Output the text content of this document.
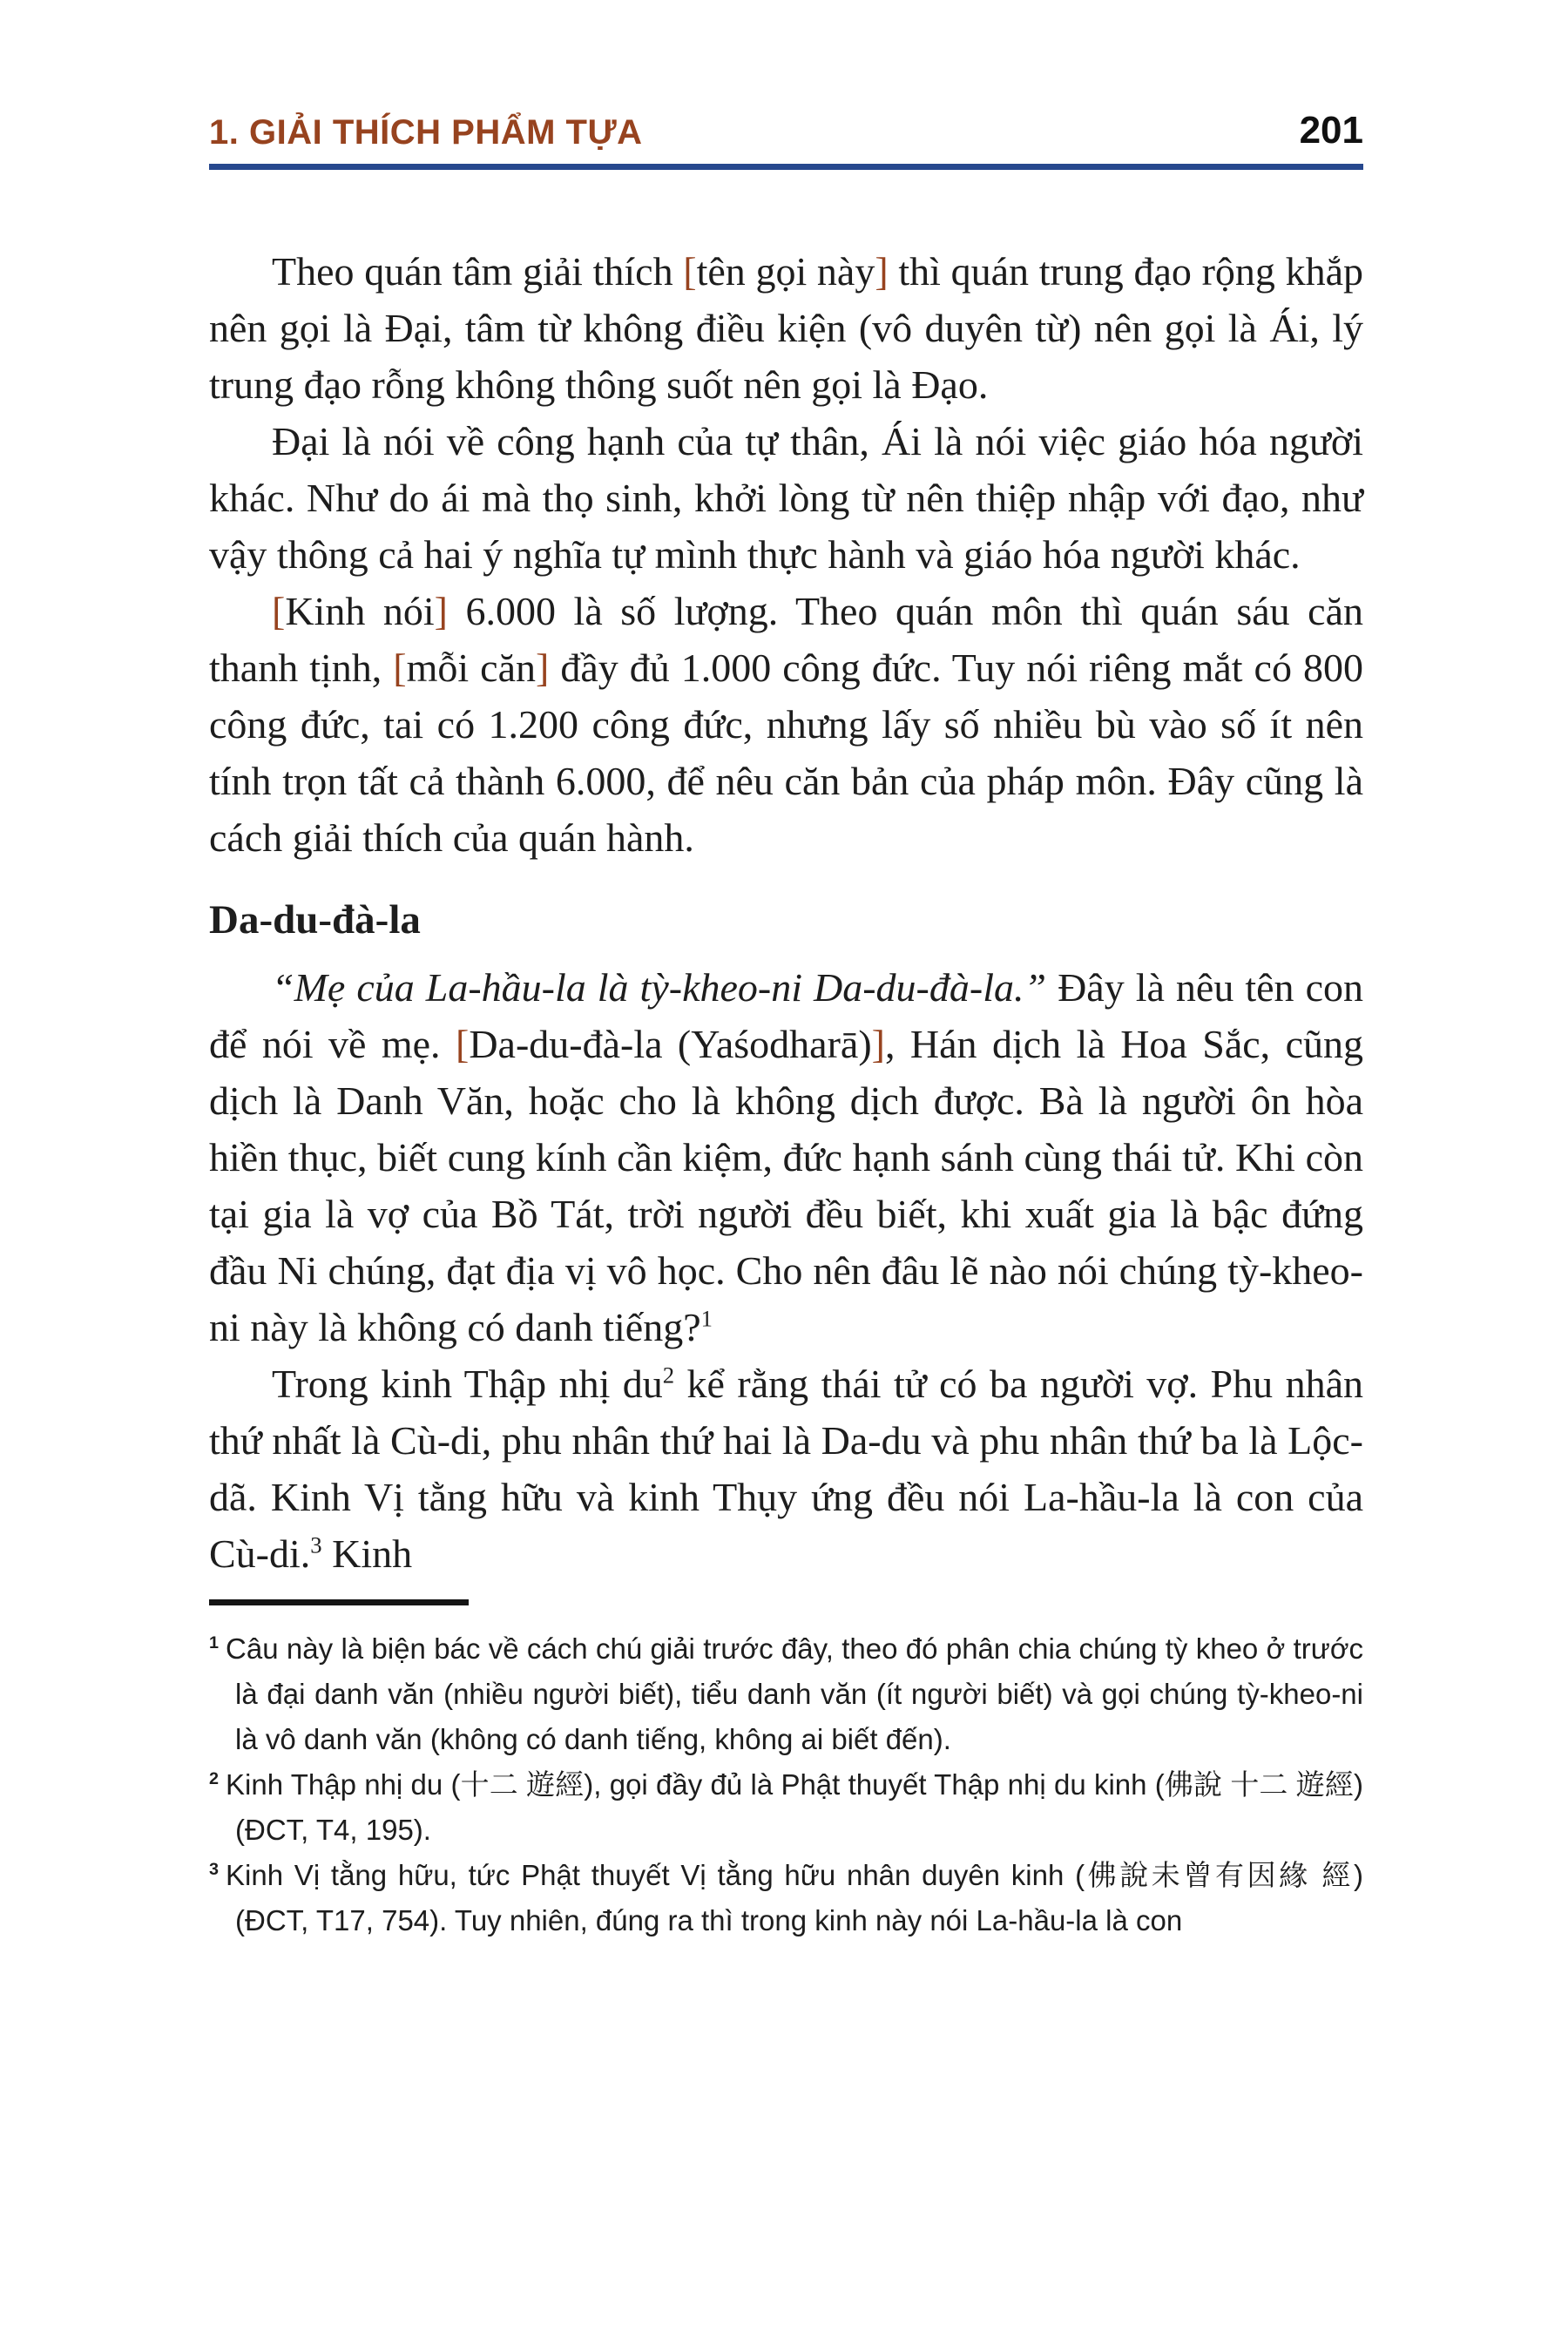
1. GIẢI THÍCH PHẨM TỰA	201

Theo quán tâm giải thích [tên gọi này] thì quán trung đạo rộng khắp nên gọi là Đại, tâm từ không điều kiện (vô duyên từ) nên gọi là Ái, lý trung đạo rỗng không thông suốt nên gọi là Đạo.

Đại là nói về công hạnh của tự thân, Ái là nói việc giáo hóa người khác. Như do ái mà thọ sinh, khởi lòng từ nên thiệp nhập với đạo, như vậy thông cả hai ý nghĩa tự mình thực hành và giáo hóa người khác.

[Kinh nói] 6.000 là số lượng. Theo quán môn thì quán sáu căn thanh tịnh, [mỗi căn] đầy đủ 1.000 công đức. Tuy nói riêng mắt có 800 công đức, tai có 1.200 công đức, nhưng lấy số nhiều bù vào số ít nên tính trọn tất cả thành 6.000, để nêu căn bản của pháp môn. Đây cũng là cách giải thích của quán hành.

Da-du-đà-la

“Mẹ của La-hầu-la là tỳ-kheo-ni Da-du-đà-la.” Đây là nêu tên con để nói về mẹ. [Da-du-đà-la (Yaśodharā)], Hán dịch là Hoa Sắc, cũng dịch là Danh Văn, hoặc cho là không dịch được. Bà là người ôn hòa hiền thục, biết cung kính cần kiệm, đức hạnh sánh cùng thái tử. Khi còn tại gia là vợ của Bồ Tát, trời người đều biết, khi xuất gia là bậc đứng đầu Ni chúng, đạt địa vị vô học. Cho nên đâu lẽ nào nói chúng tỳ-kheo-ni này là không có danh tiếng?$^1$

Trong kinh Thập nhị $du^2$ kể rằng thái tử có ba người vợ. Phu nhân thứ nhất là Cù-di, phu nhân thứ hai là Da-du và phu nhân thứ ba là Lộc-dã. Kinh Vị tằng hữu và kinh Thụy ứng đều nói La-hầu-la là con của Cù-di.$^3$ Kinh

$^1$ Câu này là biện bác về cách chú giải trước đây, theo đó phân chia chúng tỳ kheo ở trước là đại danh văn (nhiều người biết), tiểu danh văn (ít người biết) và gọi chúng tỳ-kheo-ni là vô danh văn (không có danh tiếng, không ai biết đến).

$^2$ Kinh Thập nhị du (十二 遊經), gọi đầy đủ là Phật thuyết Thập nhị du kinh (佛說 十二 遊經) (ĐCT, T4, 195).

$^3$ Kinh Vị tằng hữu, tức Phật thuyết Vị tằng hữu nhân duyên kinh (佛說未曾有因緣 經) (ĐCT, T17, 754). Tuy nhiên, đúng ra thì trong kinh này nói La-hầu-la là con
